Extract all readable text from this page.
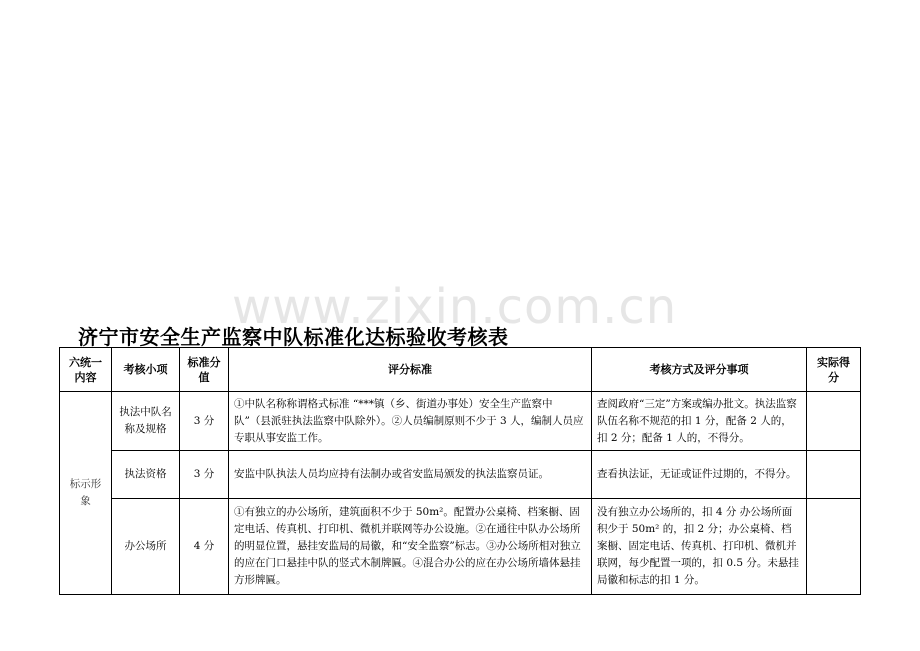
www.zixin.com.cn
济宁市安全生产监察中队标准化达标验收考核表
六统一内容	考核小项	标准分值	评分标准	考核方式及评分事项	实际得分
标示形象	执法中队名称及规格	3 分	①中队名称称谓格式标准 “***镇（乡、街道办事处）安全生产监察中队”（县派驻执法监察中队除外）。②人员编制原则不少于 3 人，编制人员应专职从事安监工作。	查阅政府“三定”方案或编办批文。执法监察队伍名称不规范的扣 1 分，配备 2 人的，扣 2 分；配备 1 人的，不得分。	
	执法资格	3 分	安监中队执法人员均应持有法制办或省安监局颁发的执法监察员证。	查看执法证，无证或证件过期的，不得分。	
	办公场所	4 分	①有独立的办公场所，建筑面积不少于 50m²。配置办公桌椅、档案橱、固定电话、传真机、打印机、微机并联网等办公设施。②在通往中队办公场所的明显位置，悬挂安监局的局徽，和“安全监察”标志。③办公场所相对独立的应在门口悬挂中队的竖式木制牌匾。④混合办公的应在办公场所墙体悬挂方形牌匾。	没有独立办公场所的，扣 4 分 办公场所面积少于 50m² 的，扣 2 分；办公桌椅、档案橱、固定电话、传真机、打印机、微机并联网，每少配置一项的，扣 0.5 分。未悬挂局徽和标志的扣 1 分。	
